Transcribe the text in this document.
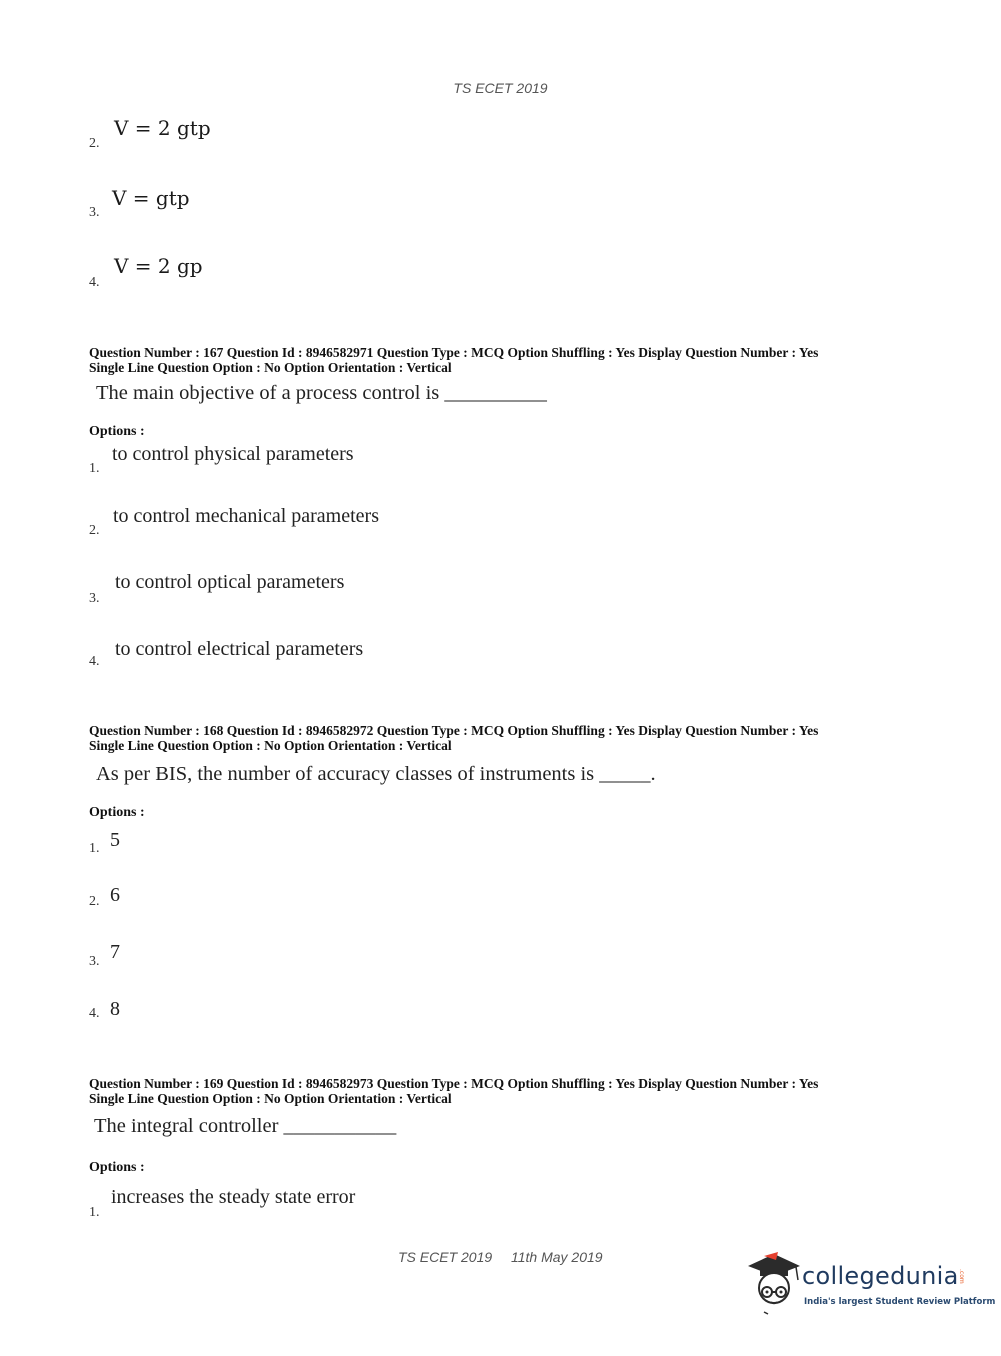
TS ECET 2019
2.
V = 2 gtp
3.
V = gtp
4.
V = 2 gp
Question Number : 167 Question Id : 8946582971 Question Type : MCQ Option Shuffling : Yes Display Question Number : Yes
Single Line Question Option : No Option Orientation : Vertical
The main objective of a process control is __________
Options :
1.
to control physical parameters
2.
to control mechanical parameters
3.
to control optical parameters
4.
to control electrical parameters
Question Number : 168 Question Id : 8946582972 Question Type : MCQ Option Shuffling : Yes Display Question Number : Yes
Single Line Question Option : No Option Orientation : Vertical
As per BIS, the number of accuracy classes of instruments is _____.
Options :
1. 5
2. 6
3. 7
4. 8
Question Number : 169 Question Id : 8946582973 Question Type : MCQ Option Shuffling : Yes Display Question Number : Yes
Single Line Question Option : No Option Orientation : Vertical
The integral controller ___________
Options :
1.
increases the steady state error
TS ECET 2019 11th May 2019
collegedunia .com
India's largest Student Review Platform
